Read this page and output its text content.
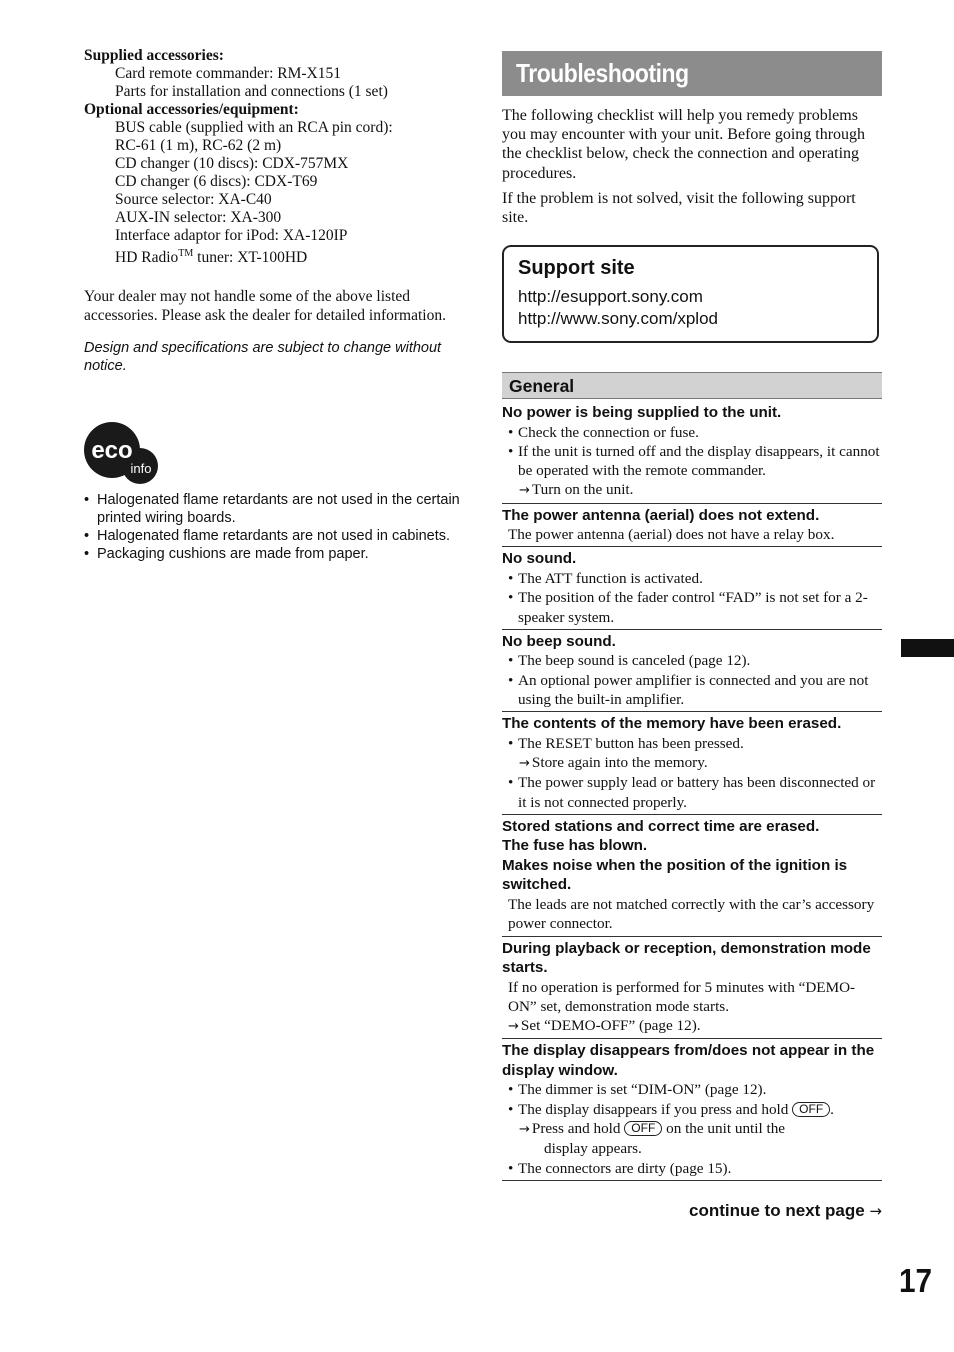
Supplied accessories:
Card remote commander: RM-X151
Parts for installation and connections (1 set)
Optional accessories/equipment:
BUS cable (supplied with an RCA pin cord):
RC-61 (1 m), RC-62 (2 m)
CD changer (10 discs): CDX-757MX
CD changer (6 discs): CDX-T69
Source selector: XA-C40
AUX-IN selector: XA-300
Interface adaptor for iPod: XA-120IP
HD Radio™ tuner: XT-100HD
Your dealer may not handle some of the above listed accessories. Please ask the dealer for detailed information.
Design and specifications are subject to change without notice.
eco
info
• Halogenated flame retardants are not used in the certain printed wiring boards.
• Halogenated flame retardants are not used in cabinets.
• Packaging cushions are made from paper.
Troubleshooting

The following checklist will help you remedy problems you may encounter with your unit. Before going through the checklist below, check the connection and operating procedures.

If the problem is not solved, visit the following support site.

Support site
http://esupport.sony.com
http://www.sony.com/xplod
General
No power is being supplied to the unit.
• Check the connection or fuse.
• If the unit is turned off and the display disappears, it cannot be operated with the remote commander.
→ Turn on the unit.
The power antenna (aerial) does not extend.
The power antenna (aerial) does not have a relay box.
No sound.
• The ATT function is activated.
• The position of the fader control “FAD” is not set for a 2-speaker system.
No beep sound.
• The beep sound is canceled (page 12).
• An optional power amplifier is connected and you are not using the built-in amplifier.
The contents of the memory have been erased.
• The RESET button has been pressed.
→ Store again into the memory.
• The power supply lead or battery has been disconnected or it is not connected properly.
Stored stations and correct time are erased.
The fuse has blown.
Makes noise when the position of the ignition is switched.
The leads are not matched correctly with the car’s accessory power connector.
During playback or reception, demonstration mode starts.
If no operation is performed for 5 minutes with “DEMO-ON” set, demonstration mode starts.
→ Set “DEMO-OFF” (page 12).
The display disappears from/does not appear in the display window.
• The dimmer is set “DIM-ON” (page 12).
• The display disappears if you press and hold OFF .
→ Press and hold OFF on the unit until the
display appears.
• The connectors are dirty (page 15).
continue to next page →
17
